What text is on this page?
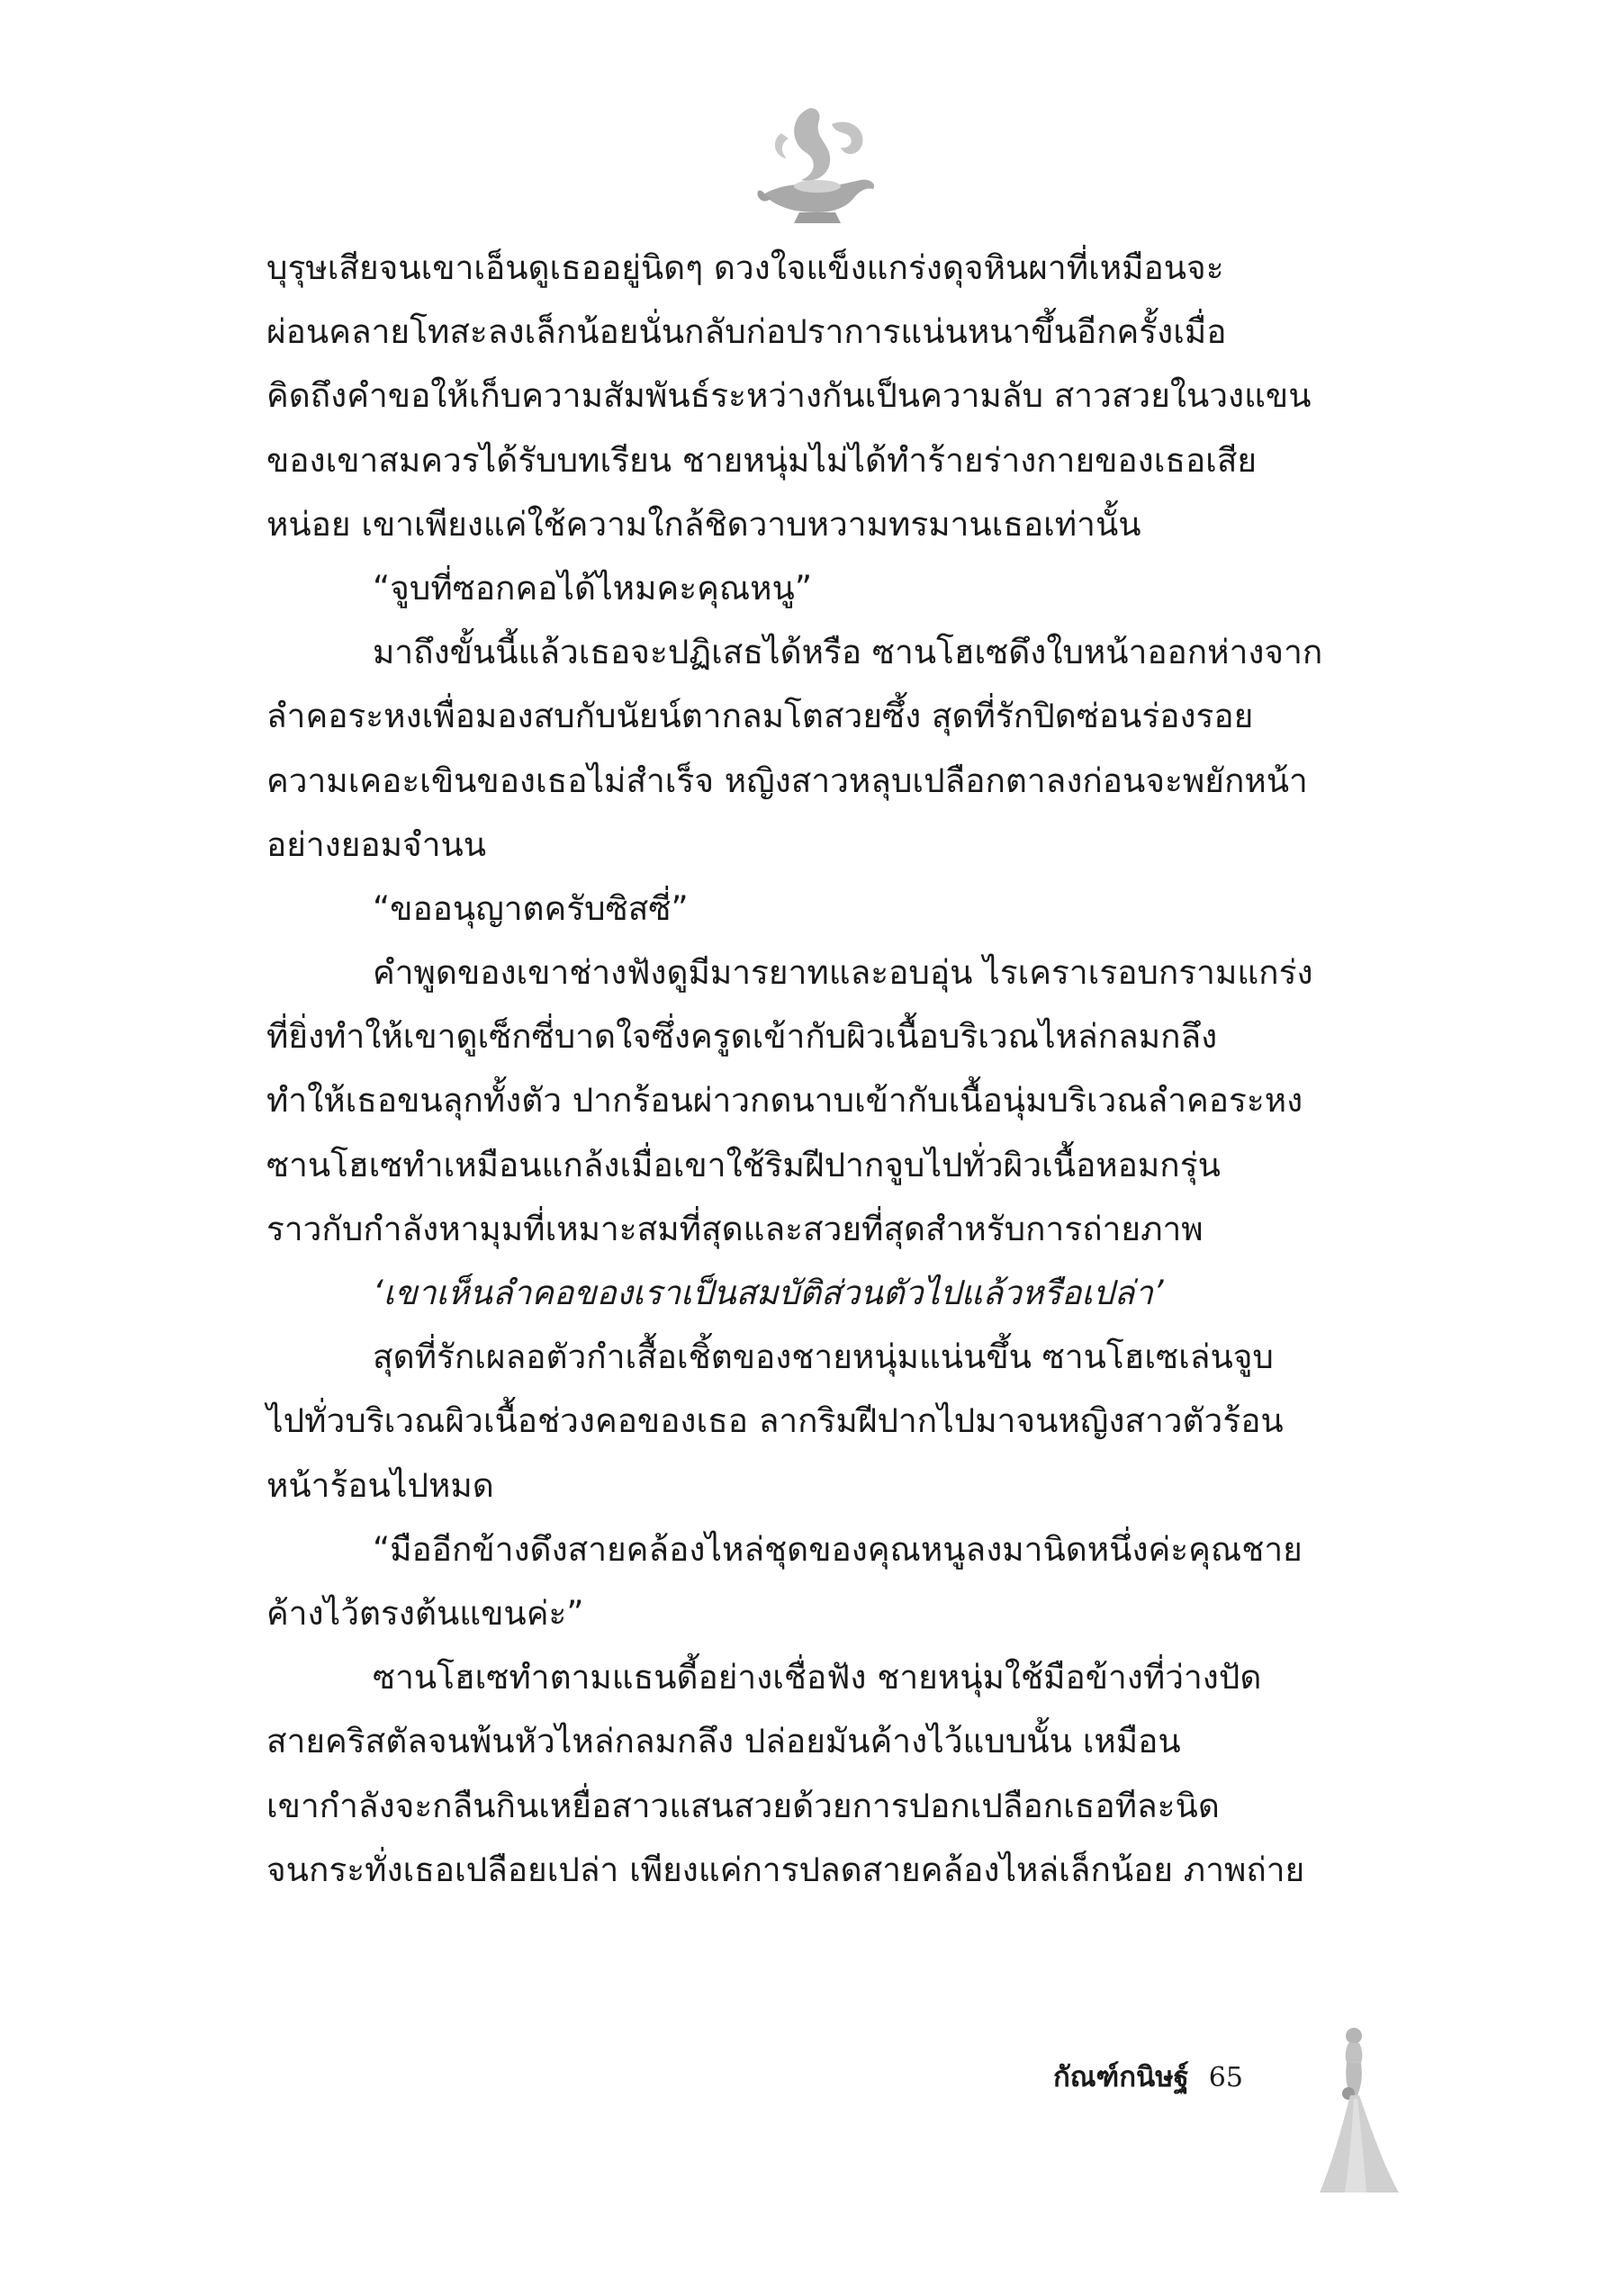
บุรุษเสียจนเขาเอ็นดูเธออยู่นิดๆ ดวงใจแข็งแกร่งดุจหินผาที่เหมือนจะ
ผ่อนคลายโทสะลงเล็กน้อยนั่นกลับก่อปราการแน่นหนาขึ้นอีกครั้งเมื่อ
คิดถึงคำขอให้เก็บความสัมพันธ์ระหว่างกันเป็นความลับ สาวสวยในวงแขน
ของเขาสมควรได้รับบทเรียน ชายหนุ่มไม่ได้ทำร้ายร่างกายของเธอเสีย
หน่อย เขาเพียงแค่ใช้ความใกล้ชิดวาบหวามทรมานเธอเท่านั้น
“จูบที่ซอกคอได้ไหมคะคุณหนู”
มาถึงขั้นนี้แล้วเธอจะปฏิเสธได้หรือ ซานโฮเซดึงใบหน้าออกห่างจาก
ลำคอระหงเพื่อมองสบกับนัยน์ตากลมโตสวยซึ้ง สุดที่รักปิดซ่อนร่องรอย
ความเคอะเขินของเธอไม่สำเร็จ หญิงสาวหลุบเปลือกตาลงก่อนจะพยักหน้า
อย่างยอมจำนน
“ขออนุญาตครับซิสซี่”
คำพูดของเขาช่างฟังดูมีมารยาทและอบอุ่น ไรเคราเรอบกรามแกร่ง
ที่ยิ่งทำให้เขาดูเซ็กซี่บาดใจซึ่งครูดเข้ากับผิวเนื้อบริเวณไหล่กลมกลึง
ทำให้เธอขนลุกทั้งตัว ปากร้อนผ่าวกดนาบเข้ากับเนื้อนุ่มบริเวณลำคอระหง
ซานโฮเซทำเหมือนแกล้งเมื่อเขาใช้ริมฝีปากจูบไปทั่วผิวเนื้อหอมกรุ่น
ราวกับกำลังหามุมที่เหมาะสมที่สุดและสวยที่สุดสำหรับการถ่ายภาพ
‘เขาเห็นลำคอของเราเป็นสมบัติส่วนตัวไปแล้วหรือเปล่า’
สุดที่รักเผลอตัวกำเสื้อเชิ้ตของชายหนุ่มแน่นขึ้น ซานโฮเซเล่นจูบ
ไปทั่วบริเวณผิวเนื้อช่วงคอของเธอ ลากริมฝีปากไปมาจนหญิงสาวตัวร้อน
หน้าร้อนไปหมด
“มืออีกข้างดึงสายคล้องไหล่ชุดของคุณหนูลงมานิดหนึ่งค่ะคุณชาย
ค้างไว้ตรงต้นแขนค่ะ”
ซานโฮเซทำตามแธนดี้อย่างเชื่อฟัง ชายหนุ่มใช้มือข้างที่ว่างปัด
สายคริสตัลจนพ้นหัวไหล่กลมกลึง ปล่อยมันค้างไว้แบบนั้น เหมือน
เขากำลังจะกลืนกินเหยื่อสาวแสนสวยด้วยการปอกเปลือกเธอทีละนิด
จนกระทั่งเธอเปลือยเปล่า เพียงแค่การปลดสายคล้องไหล่เล็กน้อย ภาพถ่าย
กัณฑ์กนิษฐ์ 65
